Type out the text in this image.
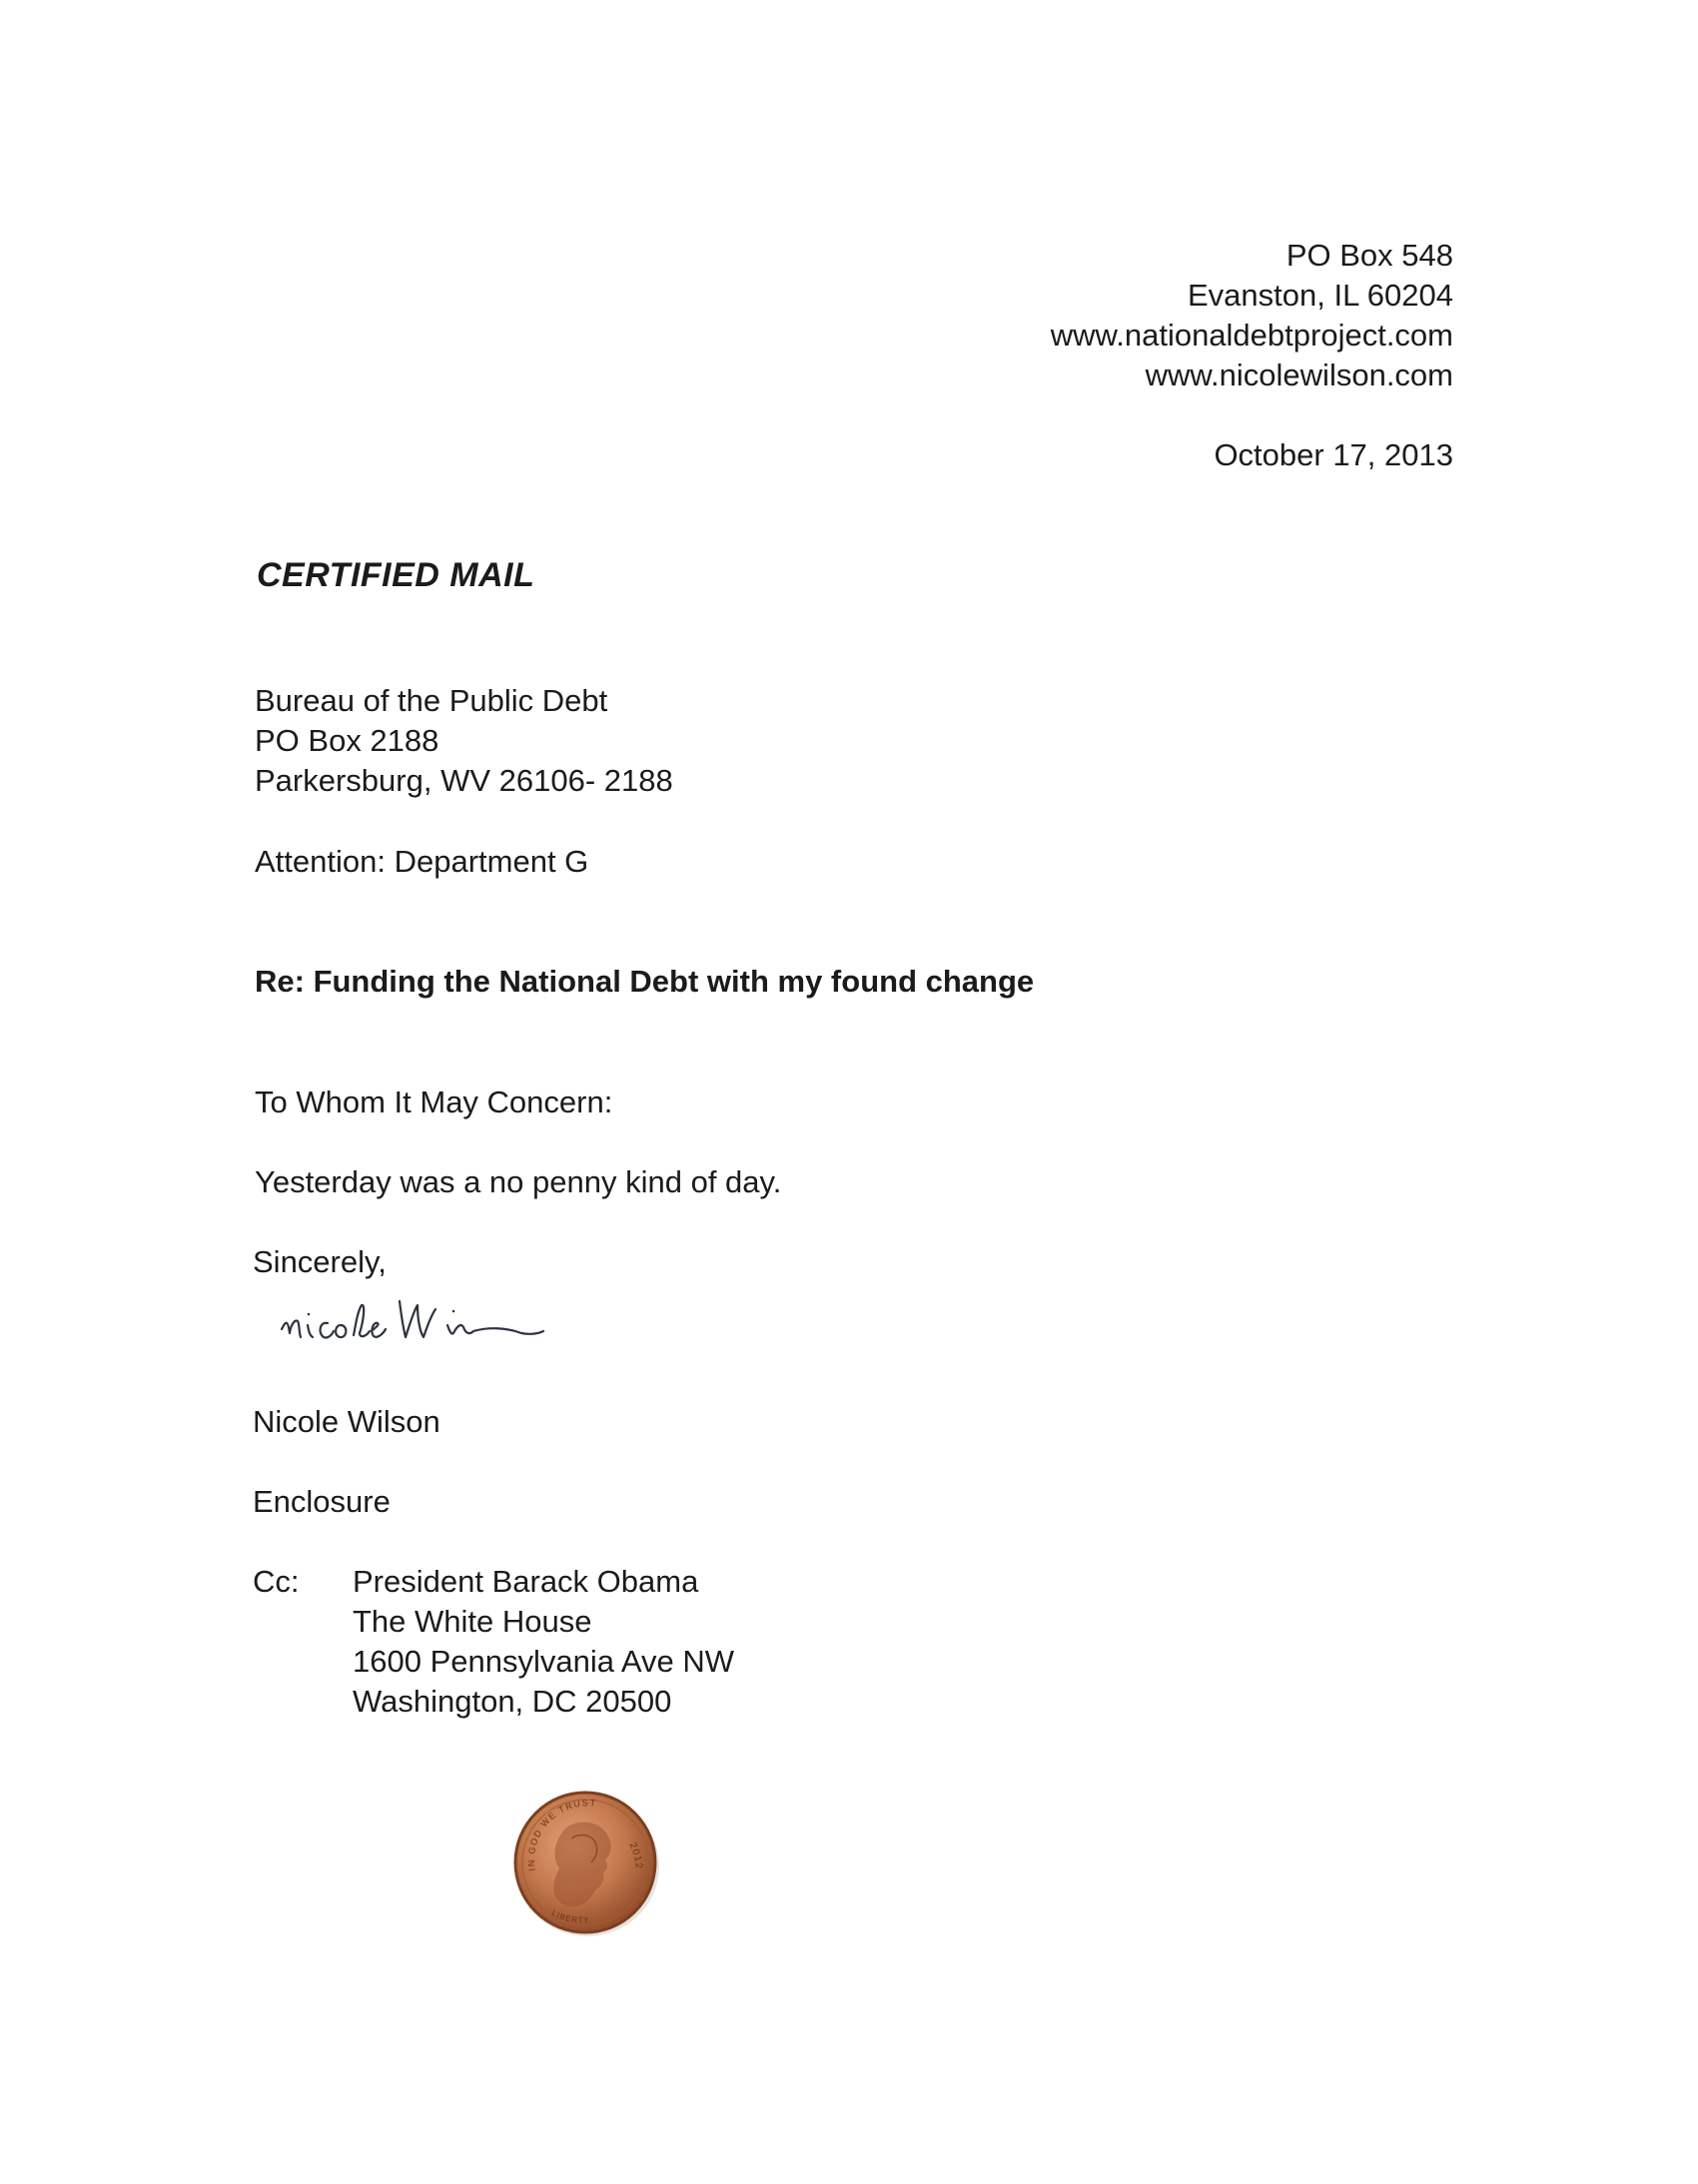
PO Box 548
Evanston, IL 60204
www.nationaldebtproject.com
www.nicolewilson.com
October 17, 2013
CERTIFIED MAIL
Bureau of the Public Debt
PO Box 2188
Parkersburg, WV 26106- 2188
Attention: Department G
Re: Funding the National Debt with my found change
To Whom It May Concern:
Yesterday was a no penny kind of day.
Sincerely,
Nicole Wilson
Enclosure
Cc: President Barack Obama
The White House
1600 Pennsylvania Ave NW
Washington, DC 20500
IN GOD WE TRUST
2012
LIBERTY
